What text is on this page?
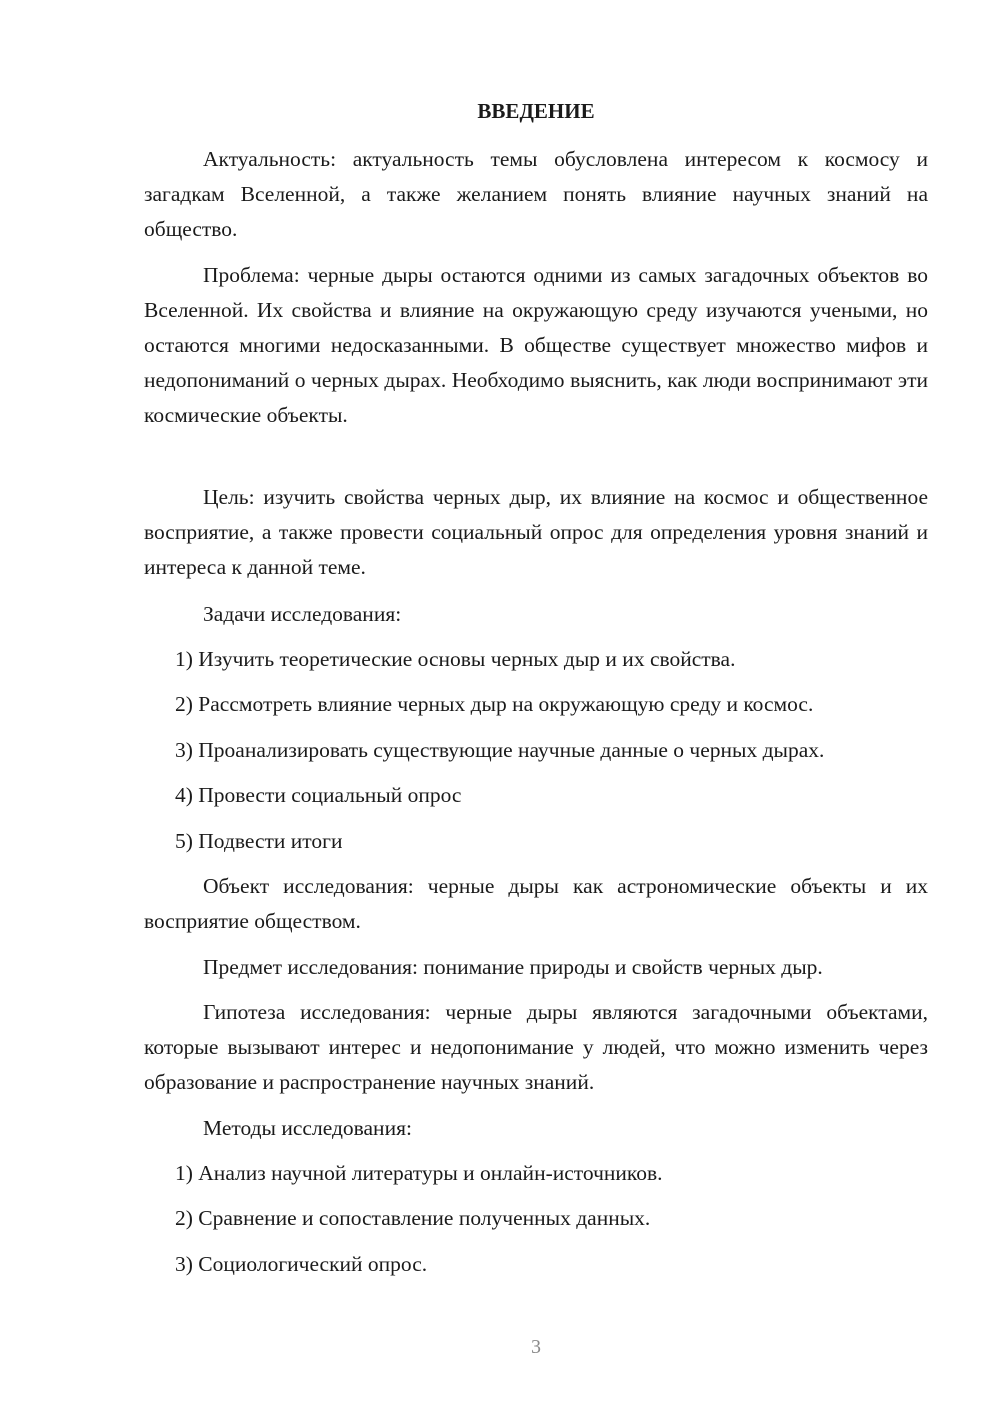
ВВЕДЕНИЕ

Актуальность: актуальность темы обусловлена интересом к космосу и загадкам Вселенной, а также желанием понять влияние научных знаний на общество.

Проблема: черные дыры остаются одними из самых загадочных объектов во Вселенной. Их свойства и влияние на окружающую среду изучаются учеными, но остаются многими недосказанными. В обществе существует множество мифов и недопониманий о черных дырах. Необходимо выяснить, как люди воспринимают эти космические объекты.

Цель: изучить свойства черных дыр, их влияние на космос и общественное восприятие, а также провести социальный опрос для определения уровня знаний и интереса к данной теме.

Задачи исследования:

1) Изучить теоретические основы черных дыр и их свойства.

2) Рассмотреть влияние черных дыр на окружающую среду и космос.

3) Проанализировать существующие научные данные о черных дырах.

4) Провести социальный опрос

5) Подвести итоги

Объект исследования: черные дыры как астрономические объекты и их восприятие обществом.

Предмет исследования: понимание природы и свойств черных дыр.

Гипотеза исследования: черные дыры являются загадочными объектами, которые вызывают интерес и недопонимание у людей, что можно изменить через образование и распространение научных знаний.

Методы исследования:

1) Анализ научной литературы и онлайн-источников.

2) Сравнение и сопоставление полученных данных.

3) Социологический опрос.

3
